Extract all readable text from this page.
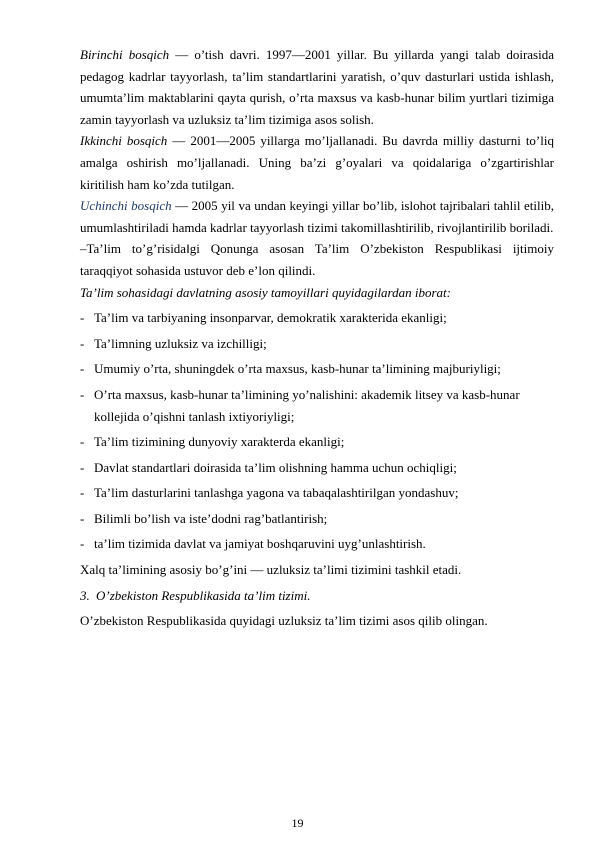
Birinchi bosqich — o’tish davri. 1997—2001 yillar. Bu yillarda yangi talab doirasida pedagog kadrlar tayyorlash, ta’lim standartlarini yaratish, o’quv dasturlari ustida ishlash, umumta’lim maktablarini qayta qurish, o’rta maxsus va kasb-hunar bilim yurtlari tizimiga zamin tayyorlash va uzluksiz ta’lim tizimiga asos solish.

Ikkinchi bosqich — 2001—2005 yillarga mo’ljallanadi. Bu davrda milliy dasturni to’liq amalga oshirish mo’ljallanadi. Uning ba’zi g’oyalari va qoidalariga o’zgartirishlar kiritilish ham ko’zda tutilgan.

Uchinchi bosqich — 2005 yil va undan keyingi yillar bo’lib, islohot tajribalari tahlil etilib, umumlashtiriladi hamda kadrlar tayyorlash tizimi takomillashtirilib, rivojlantirilib boriladi.

–Ta’lim to’g’risida‖gi Qonunga asosan Ta’lim O’zbekiston Respublikasi ijtimoiy taraqqiyot sohasida ustuvor deb e’lon qilindi.

Ta’lim sohasidagi davlatning asosiy tamoyillari quyidagilardan iborat:

- Ta’lim va tarbiyaning insonparvar, demokratik xarakterida ekanligi;
- Ta’limning uzluksiz va izchilligi;
- Umumiy o’rta, shuningdek o’rta maxsus, kasb-hunar ta’limining majburiyligi;
- O’rta maxsus, kasb-hunar ta’limining yo’nalishini: akademik litsey va kasb-hunar kollejida o’qishni tanlash ixtiyoriyligi;
- Ta’lim tizimining dunyoviy xarakterda ekanligi;
- Davlat standartlari doirasida ta’lim olishning hamma uchun ochiqligi;
- Ta’lim dasturlarini tanlashga yagona va tabaqalashtirilgan yondashuv;
- Bilimli bo’lish va iste’dodni rag’batlantirish;
- ta’lim tizimida davlat va jamiyat boshqaruvini uyg’unlashtirish.

Xalq ta’limining asosiy bo’g’ini — uzluksiz ta’limi tizimini tashkil etadi.

3. O’zbekiston Respublikasida ta’lim tizimi.

O’zbekiston Respublikasida quyidagi uzluksiz ta’lim tizimi asos qilib olingan.

19
